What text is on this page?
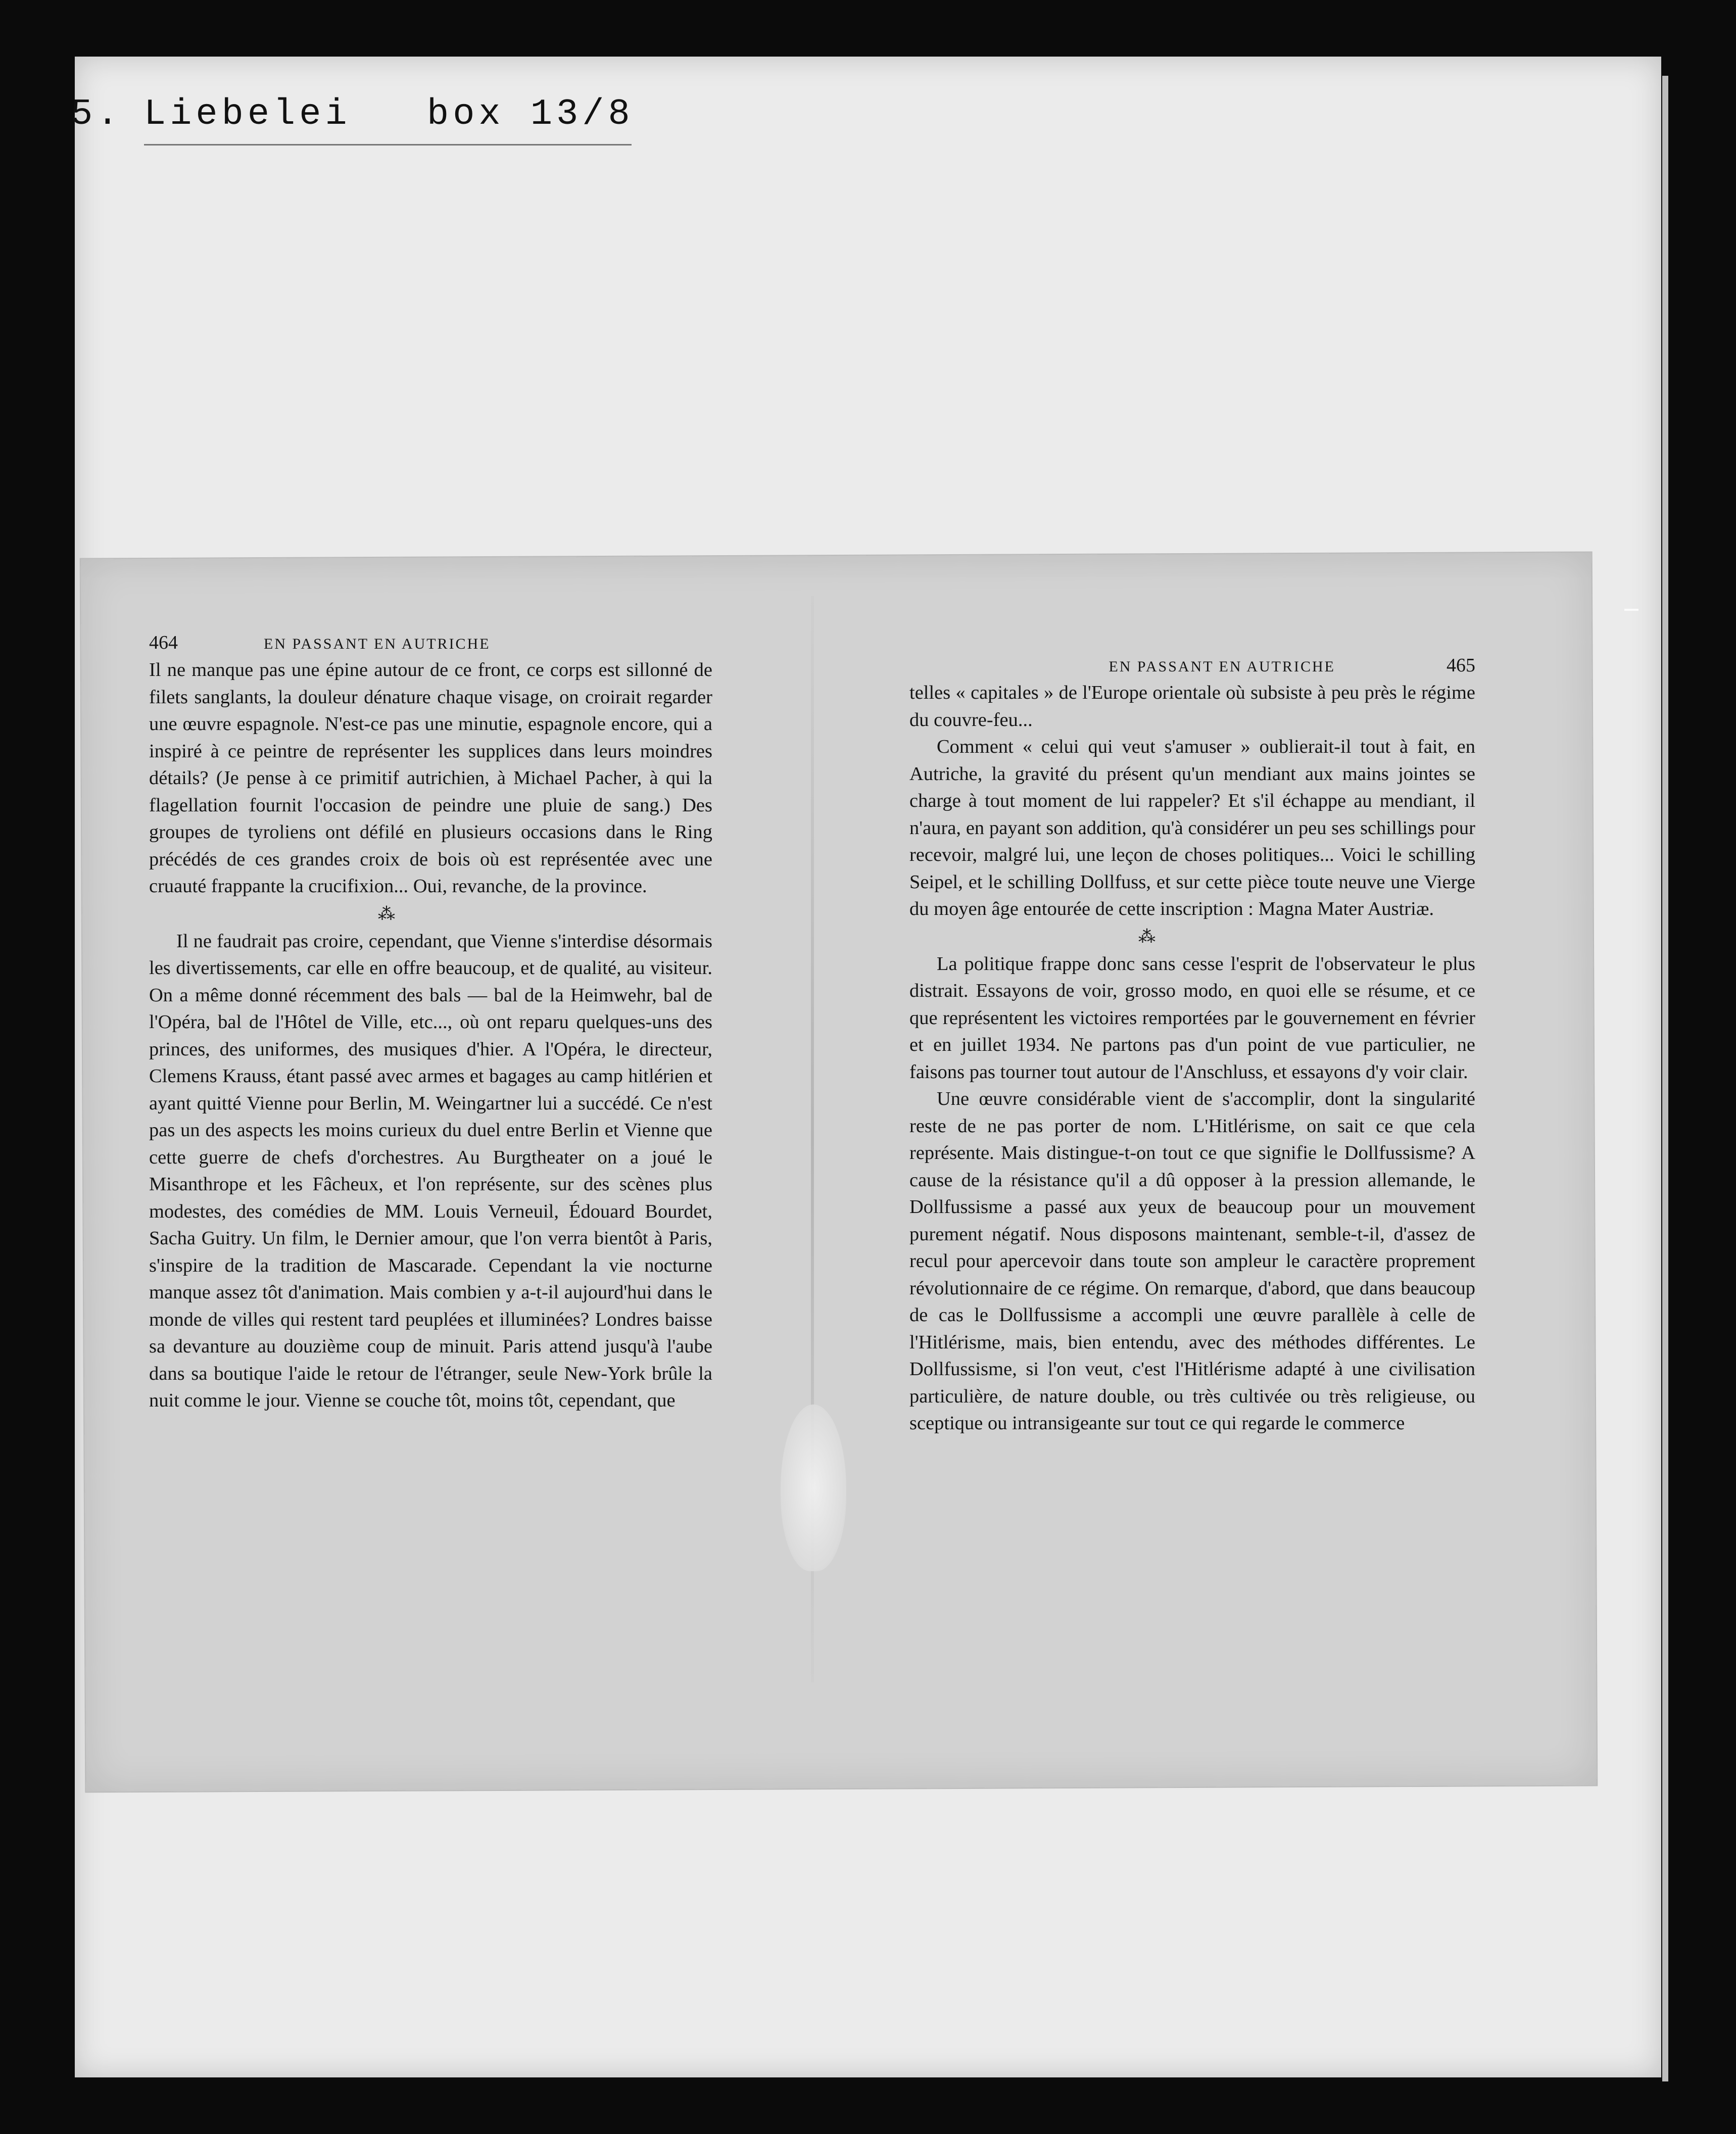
5. Liebelei box 13/8
464	EN PASSANT EN AUTRICHE

Il ne manque pas une épine autour de ce front, ce corps est sillonné de filets sanglants, la douleur dénature chaque visage, on croirait regarder une œuvre espagnole. N'est-ce pas une minutie, espagnole encore, qui a inspiré à ce peintre de représenter les supplices dans leurs moindres détails? (Je pense à ce primitif autrichien, à Michael Pacher, à qui la flagellation fournit l'occasion de peindre une pluie de sang.) Des groupes de tyroliens ont défilé en plusieurs occasions dans le Ring précédés de ces grandes croix de bois où est représentée avec une cruauté frappante la crucifixion... Oui, revanche, de la province.

⁂

Il ne faudrait pas croire, cependant, que Vienne s'interdise désormais les divertissements, car elle en offre beaucoup, et de qualité, au visiteur. On a même donné récemment des bals — bal de la Heimwehr, bal de l'Opéra, bal de l'Hôtel de Ville, etc..., où ont reparu quelques-uns des princes, des uniformes, des musiques d'hier. A l'Opéra, le directeur, Clemens Krauss, étant passé avec armes et bagages au camp hitlérien et ayant quitté Vienne pour Berlin, M. Weingartner lui a succédé. Ce n'est pas un des aspects les moins curieux du duel entre Berlin et Vienne que cette guerre de chefs d'orchestres. Au Burgtheater on a joué le Misanthrope et les Fâcheux, et l'on représente, sur des scènes plus modestes, des comédies de MM. Louis Verneuil, Édouard Bourdet, Sacha Guitry. Un film, le Dernier amour, que l'on verra bientôt à Paris, s'inspire de la tradition de Mascarade. Cependant la vie nocturne manque assez tôt d'animation. Mais combien y a-t-il aujourd'hui dans le monde de villes qui restent tard peuplées et illuminées? Londres baisse sa devanture au douzième coup de minuit. Paris attend jusqu'à l'aube dans sa boutique l'aide le retour de l'étranger, seule New-York brûle la nuit comme le jour. Vienne se couche tôt, moins tôt, cependant, que

EN PASSANT EN AUTRICHE	465

telles « capitales » de l'Europe orientale où subsiste à peu près le régime du couvre-feu...

Comment « celui qui veut s'amuser » oublierait-il tout à fait, en Autriche, la gravité du présent qu'un mendiant aux mains jointes se charge à tout moment de lui rappeler? Et s'il échappe au mendiant, il n'aura, en payant son addition, qu'à considérer un peu ses schillings pour recevoir, malgré lui, une leçon de choses politiques... Voici le schilling Seipel, et le schilling Dollfuss, et sur cette pièce toute neuve une Vierge du moyen âge entourée de cette inscription : Magna Mater Austriæ.

⁂

La politique frappe donc sans cesse l'esprit de l'observateur le plus distrait. Essayons de voir, grosso modo, en quoi elle se résume, et ce que représentent les victoires remportées par le gouvernement en février et en juillet 1934. Ne partons pas d'un point de vue particulier, ne faisons pas tourner tout autour de l'Anschluss, et essayons d'y voir clair.

Une œuvre considérable vient de s'accomplir, dont la singularité reste de ne pas porter de nom. L'Hitlérisme, on sait ce que cela représente. Mais distingue-t-on tout ce que signifie le Dollfussisme? A cause de la résistance qu'il a dû opposer à la pression allemande, le Dollfussisme a passé aux yeux de beaucoup pour un mouvement purement négatif. Nous disposons maintenant, semble-t-il, d'assez de recul pour apercevoir dans toute son ampleur le caractère proprement révolutionnaire de ce régime. On remarque, d'abord, que dans beaucoup de cas le Dollfussisme a accompli une œuvre parallèle à celle de l'Hitlérisme, mais, bien entendu, avec des méthodes différentes. Le Dollfussisme, si l'on veut, c'est l'Hitlérisme adapté à une civilisation particulière, de nature double, ou très cultivée ou très religieuse, ou sceptique ou intransigeante sur tout ce qui regarde le commerce
